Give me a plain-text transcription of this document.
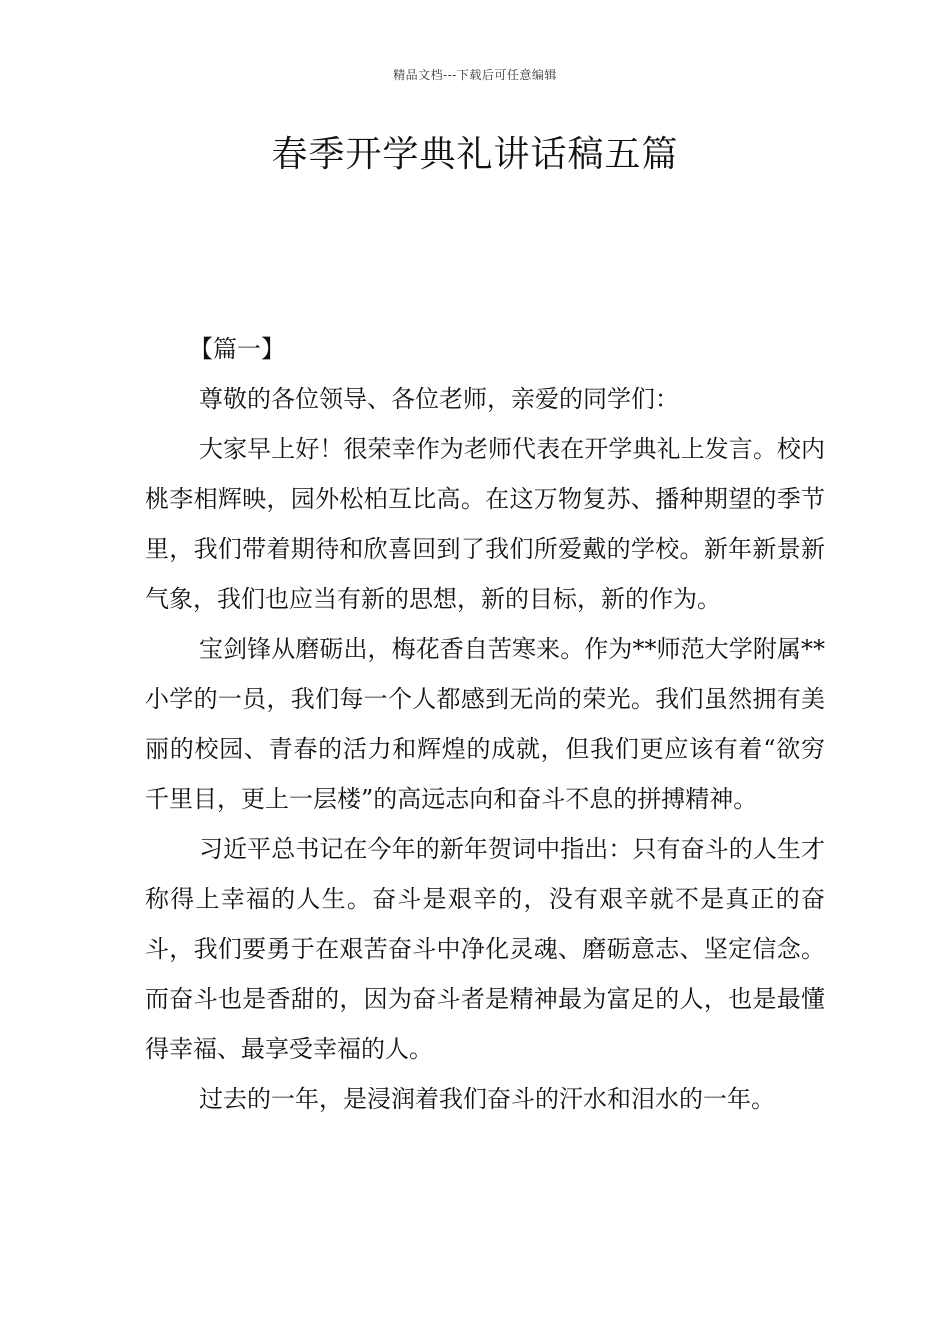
精品文档---下载后可任意编辑
春季开学典礼讲话稿五篇

【篇一】

尊敬的各位领导、各位老师，亲爱的同学们：

大家早上好！很荣幸作为老师代表在开学典礼上发言。校内桃李相辉映，园外松柏互比高。在这万物复苏、播种期望的季节里，我们带着期待和欣喜回到了我们所爱戴的学校。新年新景新气象，我们也应当有新的思想，新的目标，新的作为。

宝剑锋从磨砺出，梅花香自苦寒来。作为**师范大学附属**小学的一员，我们每一个人都感到无尚的荣光。我们虽然拥有美丽的校园、青春的活力和辉煌的成就，但我们更应该有着“欲穷千里目，更上一层楼”的高远志向和奋斗不息的拼搏精神。

习近平总书记在今年的新年贺词中指出：只有奋斗的人生才称得上幸福的人生。奋斗是艰辛的，没有艰辛就不是真正的奋斗，我们要勇于在艰苦奋斗中净化灵魂、磨砺意志、坚定信念。而奋斗也是香甜的，因为奋斗者是精神最为富足的人，也是最懂得幸福、最享受幸福的人。

过去的一年，是浸润着我们奋斗的汗水和泪水的一年。
